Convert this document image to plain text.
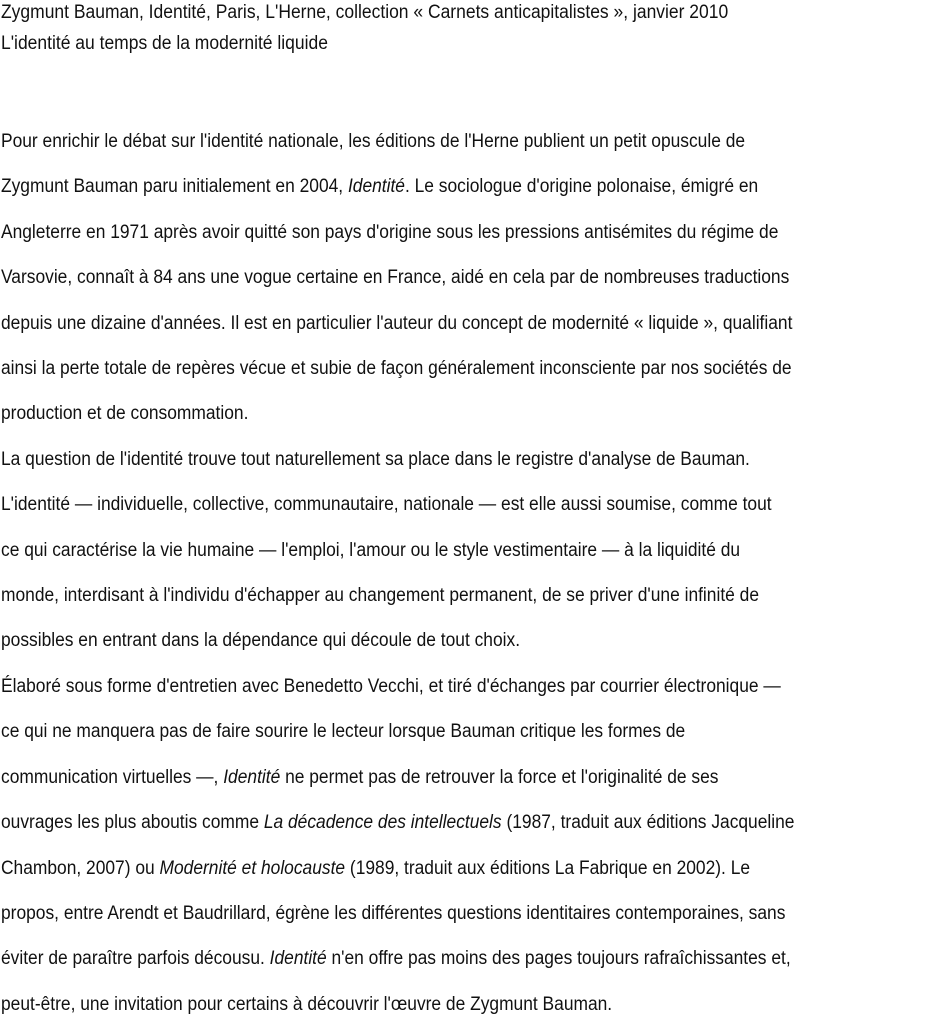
Zygmunt Bauman, Identité, Paris, L'Herne, collection « Carnets anticapitalistes », janvier 2010
L'identité au temps de la modernité liquide

Pour enrichir le débat sur l'identité nationale, les éditions de l'Herne publient un petit opuscule de
Zygmunt Bauman paru initialement en 2004, Identité. Le sociologue d'origine polonaise, émigré en
Angleterre en 1971 après avoir quitté son pays d'origine sous les pressions antisémites du régime de
Varsovie, connaît à 84 ans une vogue certaine en France, aidé en cela par de nombreuses traductions
depuis une dizaine d'années. Il est en particulier l'auteur du concept de modernité « liquide », qualifiant
ainsi la perte totale de repères vécue et subie de façon généralement inconsciente par nos sociétés de
production et de consommation.

La question de l'identité trouve tout naturellement sa place dans le registre d'analyse de Bauman.
L'identité — individuelle, collective, communautaire, nationale — est elle aussi soumise, comme tout
ce qui caractérise la vie humaine — l'emploi, l'amour ou le style vestimentaire — à la liquidité du
monde, interdisant à l'individu d'échapper au changement permanent, de se priver d'une infinité de
possibles en entrant dans la dépendance qui découle de tout choix.

Élaboré sous forme d'entretien avec Benedetto Vecchi, et tiré d'échanges par courrier électronique —
ce qui ne manquera pas de faire sourire le lecteur lorsque Bauman critique les formes de
communication virtuelles —, Identité ne permet pas de retrouver la force et l'originalité de ses
ouvrages les plus aboutis comme La décadence des intellectuels (1987, traduit aux éditions Jacqueline
Chambon, 2007) ou Modernité et holocauste (1989, traduit aux éditions La Fabrique en 2002). Le
propos, entre Arendt et Baudrillard, égrène les différentes questions identitaires contemporaines, sans
éviter de paraître parfois décousu. Identité n'en offre pas moins des pages toujours rafraîchissantes et,
peut-être, une invitation pour certains à découvrir l'œuvre de Zygmunt Bauman.
